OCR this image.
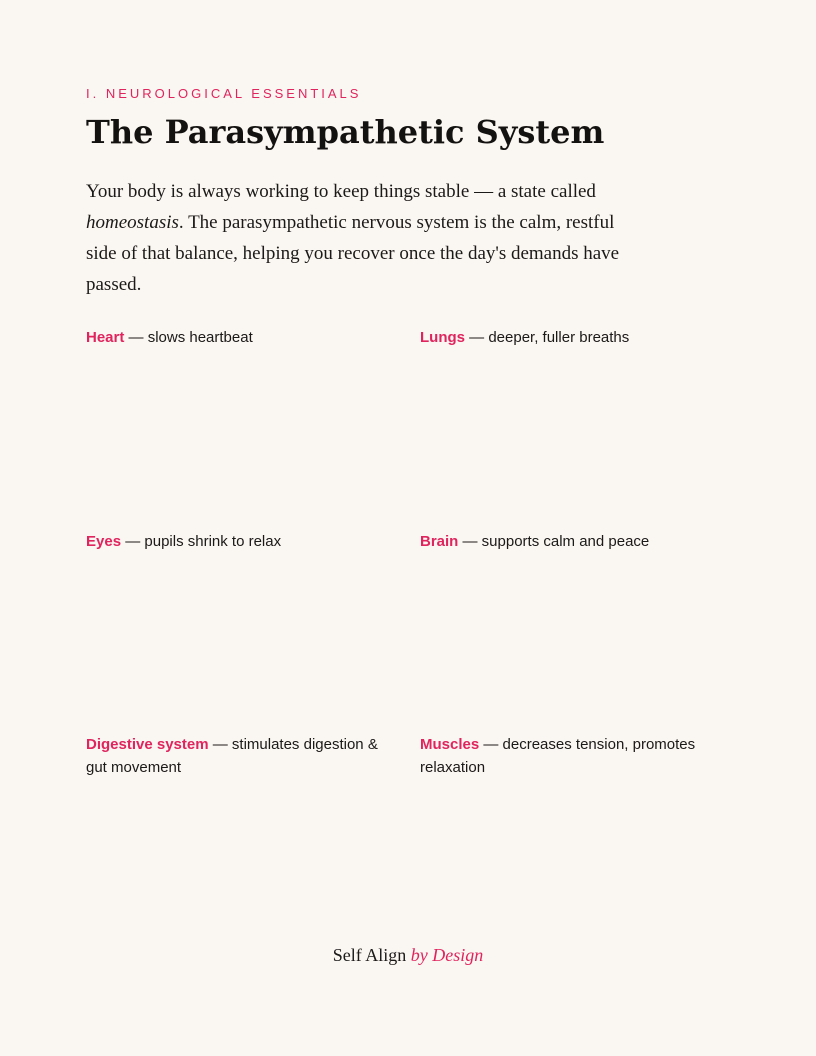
I. NEUROLOGICAL ESSENTIALS
The Parasympathetic System

Your body is always working to keep things stable — a state called homeostasis. The parasympathetic nervous system is the calm, restful side of that balance, helping you recover once the day's demands have passed.

Heart — slows heartbeat	Lungs — deeper, fuller breaths
Eyes — pupils shrink to relax	Brain — supports calm and peace
Digestive system — stimulates digestion & gut movement
Muscles — decreases tension, promotes relaxation
Self Align by Design
